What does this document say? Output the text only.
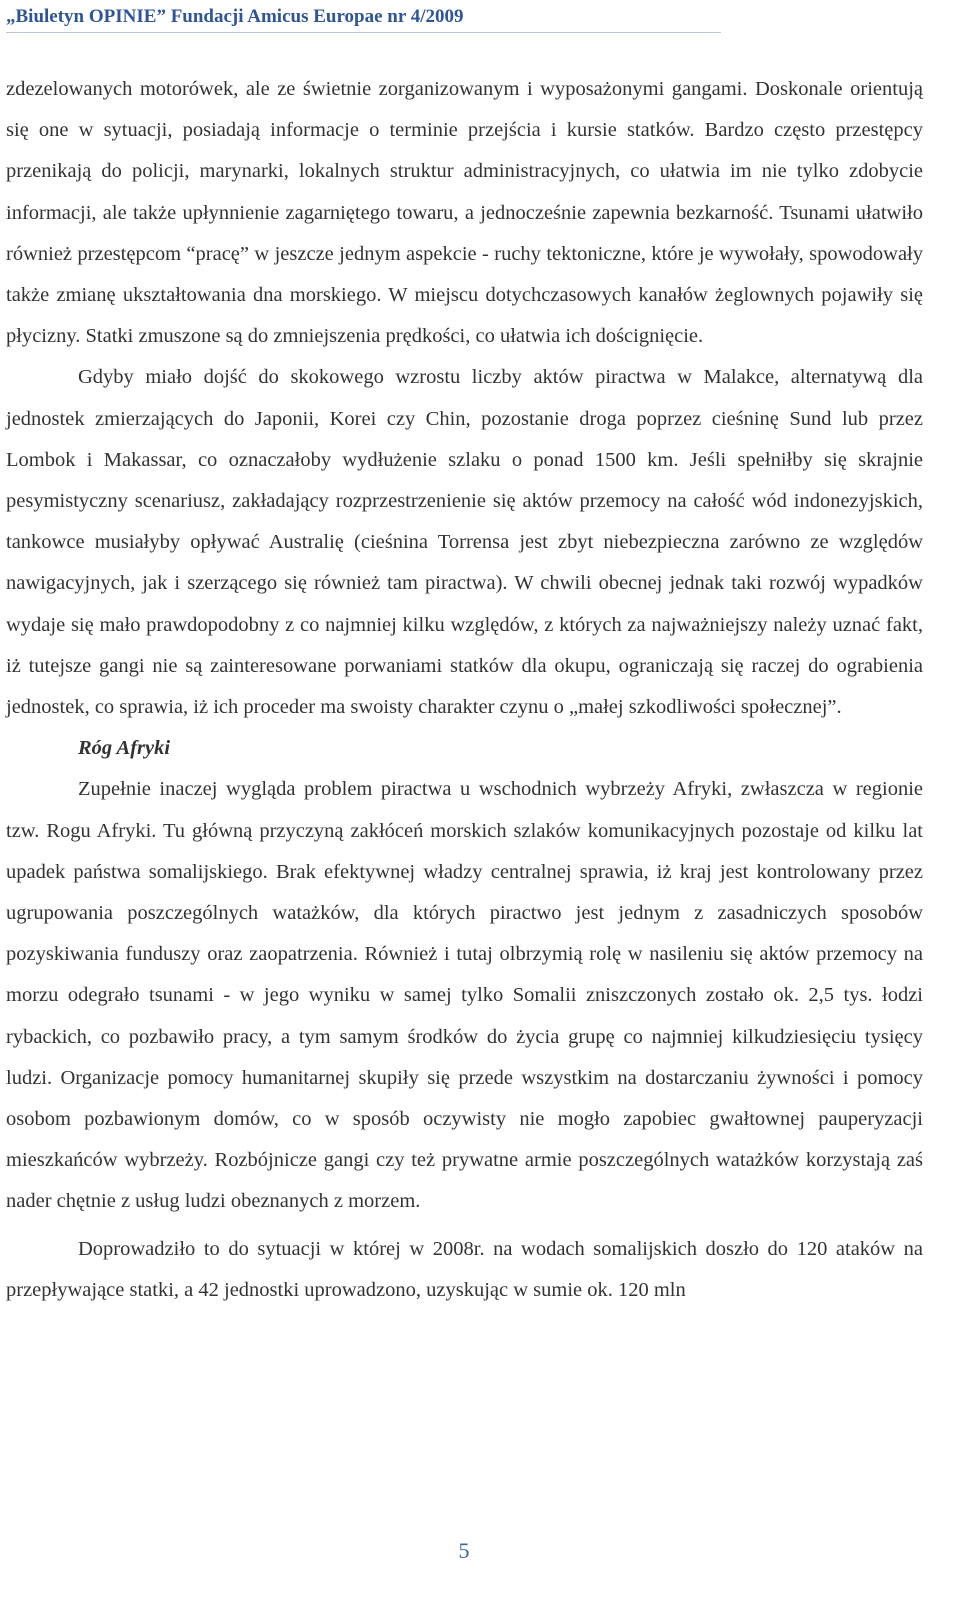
„Biuletyn OPINIE” Fundacji Amicus Europae nr 4/2009

zdezelowanych motorówek, ale ze świetnie zorganizowanym i wyposażonymi gangami. Doskonale orientują się one w sytuacji, posiadają informacje o terminie przejścia i kursie statków. Bardzo często przestępcy przenikają do policji, marynarki, lokalnych struktur administracyjnych, co ułatwia im nie tylko zdobycie informacji, ale także upłynnienie zagarniętego towaru, a jednocześnie zapewnia bezkarność. Tsunami ułatwiło również przestępcom “pracę” w jeszcze jednym aspekcie - ruchy tektoniczne, które je wywołały, spowodowały także zmianę ukształtowania dna morskiego. W miejscu dotychczasowych kanałów żeglownych pojawiły się płycizny. Statki zmuszone są do zmniejszenia prędkości, co ułatwia ich doścignięcie.

Gdyby miało dojść do skokowego wzrostu liczby aktów piractwa w Malakce, alternatywą dla jednostek zmierzających do Japonii, Korei czy Chin, pozostanie droga poprzez cieśninę Sund lub przez Lombok i Makassar, co oznaczałoby wydłużenie szlaku o ponad 1500 km. Jeśli spełniłby się skrajnie pesymistyczny scenariusz, zakładający rozprzestrzenienie się aktów przemocy na całość wód indonezyjskich, tankowce musiałyby opływać Australię (cieśnina Torrensa jest zbyt niebezpieczna zarówno ze względów nawigacyjnych, jak i szerzącego się również tam piractwa). W chwili obecnej jednak taki rozwój wypadków wydaje się mało prawdopodobny z co najmniej kilku względów, z których za najważniejszy należy uznać fakt, iż tutejsze gangi nie są zainteresowane porwaniami statków dla okupu, ograniczają się raczej do ograbienia jednostek, co sprawia, iż ich proceder ma swoisty charakter czynu o „małej szkodliwości społecznej”.

Róg Afryki

Zupełnie inaczej wygląda problem piractwa u wschodnich wybrzeży Afryki, zwłaszcza w regionie tzw. Rogu Afryki. Tu główną przyczyną zakłóceń morskich szlaków komunikacyjnych pozostaje od kilku lat upadek państwa somalijskiego. Brak efektywnej władzy centralnej sprawia, iż kraj jest kontrolowany przez ugrupowania poszczególnych watażków, dla których piractwo jest jednym z zasadniczych sposobów pozyskiwania funduszy oraz zaopatrzenia. Również i tutaj olbrzymią rolę w nasileniu się aktów przemocy na morzu odegrało tsunami - w jego wyniku w samej tylko Somalii zniszczonych zostało ok. 2,5 tys. łodzi rybackich, co pozbawiło pracy, a tym samym środków do życia grupę co najmniej kilkudziesięciu tysięcy ludzi. Organizacje pomocy humanitarnej skupiły się przede wszystkim na dostarczaniu żywności i pomocy osobom pozbawionym domów, co w sposób oczywisty nie mogło zapobiec gwałtownej pauperyzacji mieszkańców wybrzeży. Rozbójnicze gangi czy też prywatne armie poszczególnych watażków korzystają zaś nader chętnie z usług ludzi obeznanych z morzem.

Doprowadziło to do sytuacji w której w 2008r. na wodach somalijskich doszło do 120 ataków na przepływające statki, a 42 jednostki uprowadzono, uzyskując w sumie ok. 120 mln

5
